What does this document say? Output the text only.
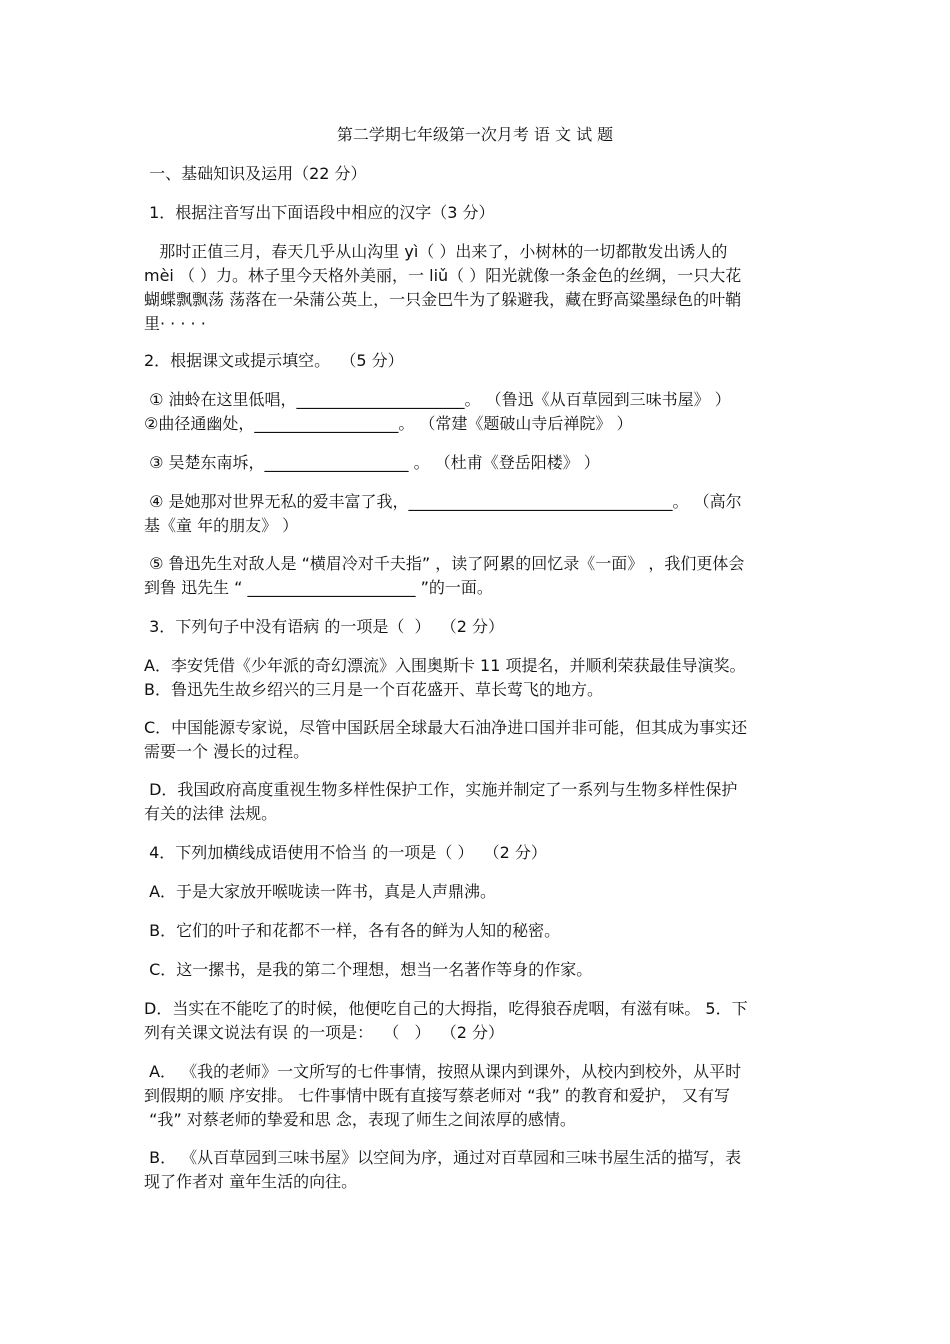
第二学期七年级第一次月考 语 文 试 题
一、基础知识及运用（22 分）
1．根据注音写出下面语段中相应的汉字（3 分）
那时正值三月，春天几乎从山沟里 yì（ ）出来了，小树林的一切都散发出诱人的
mèi （ ）力。林子里今天格外美丽，一 liǔ（ ）阳光就像一条金色的丝绸，一只大花
蝴蝶飘飘荡 荡落在一朵蒲公英上，一只金巴牛为了躲避我，藏在野高粱墨绿色的叶鞘
里· · · · ·
2．根据课文或提示填空。  （5 分）
① 油蛉在这里低唱，_____________________。 （鲁迅《从百草园到三味书屋》 ）
②曲径通幽处，__________________。 （常建《题破山寺后禅院》 ）
③ 吴楚东南坼，__________________ 。 （杜甫《登岳阳楼》 ）
④ 是她那对世界无私的爱丰富了我，_________________________________。 （高尔
基《童 年的朋友》 ）
⑤ 鲁迅先生对敌人是 “横眉冷对千夫指” ，读了阿累的回忆录《一面》 ，我们更体会
到鲁 迅先生 “ _____________________ ”的一面。
3．下列句子中没有语病 的一项是（  ）  （2 分）
A．李安凭借《少年派的奇幻漂流》入围奥斯卡 11 项提名，并顺利荣获最佳导演奖。
B．鲁迅先生故乡绍兴的三月是一个百花盛开、草长莺飞的地方。
C．中国能源专家说，尽管中国跃居全球最大石油净进口国并非可能，但其成为事实还
需要一个 漫长的过程。
D．我国政府高度重视生物多样性保护工作，实施并制定了一系列与生物多样性保护
有关的法律 法规。
4．下列加横线成语使用不恰当 的一项是（ ）  （2 分）
A．于是大家放开喉咙读一阵书，真是人声鼎沸。
B．它们的叶子和花都不一样，各有各的鲜为人知的秘密。
C．这一摞书，是我的第二个理想，想当一名著作等身的作家。
D．当实在不能吃了的时候，他便吃自己的大拇指，吃得狼吞虎咽，有滋有味。 5．下
列有关课文说法有误 的一项是：  （   ）  （2 分）
A． 《我的老师》一文所写的七件事情，按照从课内到课外，从校内到校外，从平时
到假期的顺 序安排。 七件事情中既有直接写蔡老师对 “我” 的教育和爱护， 又有写
“我” 对蔡老师的挚爱和思 念，表现了师生之间浓厚的感情。
B． 《从百草园到三味书屋》以空间为序，通过对百草园和三味书屋生活的描写，表
现了作者对 童年生活的向往。
